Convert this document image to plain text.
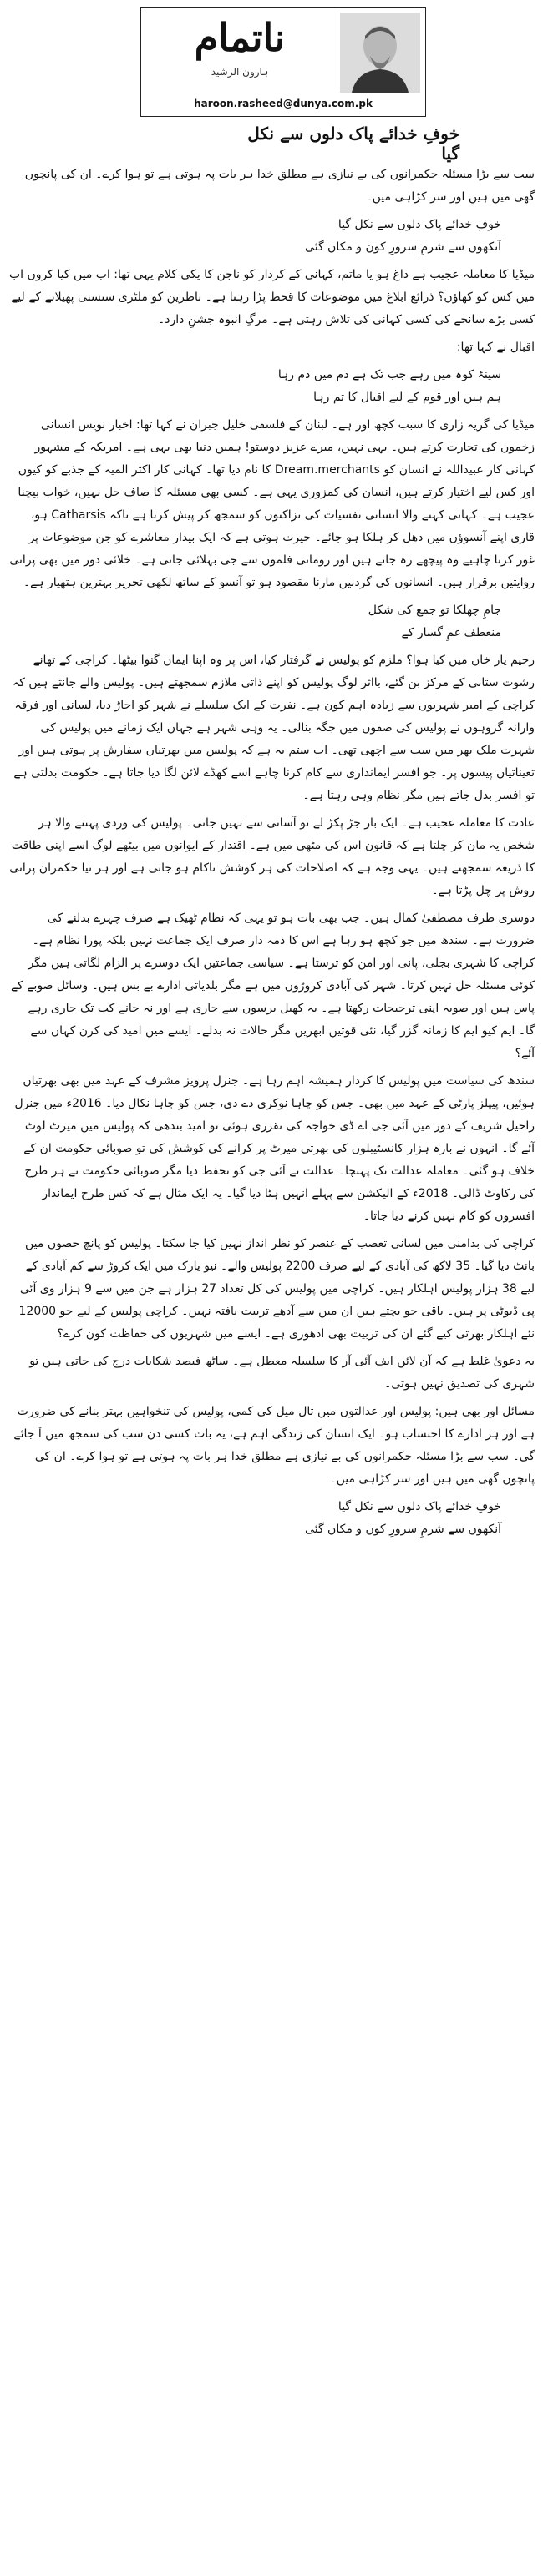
ناتمام
ہارون الرشید
haroon.rasheed@dunya.com.pk
خوفِ خدائے پاک دلوں سے نکل گیا

سب سے بڑا مسئلہ حکمرانوں کی بے نیازی ہے مطلق خدا ہر بات پہ ہوتی ہے تو ہوا کرے۔ ان کی پانچوں گھی میں ہیں اور سر کڑاہی میں۔

خوفِ خدائے پاک دلوں سے نکل گیا
آنکھوں سے شرمِ سرورِ کون و مکاں گئی

میڈیا کا معاملہ عجیب ہے داغ ہو یا ماتم، کہانی کے کردار کو ناجن کا یکی کلام یہی تھا: اب میں کیا کروں اب میں کس کو کھاؤں؟ ذرائع ابلاغ میں موضوعات کا قحط پڑا رہتا ہے۔ ناظرین کو ملٹری سنسنی پھیلانے کے لیے کسی بڑے سانحے کی کسی کہانی کی تلاش رہتی ہے۔ مرگِ انبوہ جشنِ دارد۔

اقبال نے کہا تھا:

سینۂ کوہ میں رہے جب تک ہے دم میں دم رہا
ہم ہیں اور قوم کے لیے اقبال کا تم رہا

میڈیا کی گریہ زاری کا سبب کچھ اور ہے۔ لبنان کے فلسفی خلیل جبران نے کہا تھا: اخبار نویس انسانی زخموں کی تجارت کرتے ہیں۔ یہی نہیں، میرے عزیز دوستو! ہمیں دنیا بھی یہی ہے۔ امریکہ کے مشہور کہانی کار عبیداللہ نے انسان کو Dream.merchants کا نام دیا تھا۔ کہانی کار اکثر المیہ کے جذبے کو کیوں اور کس لیے اختیار کرتے ہیں، انسان کی کمزوری یہی ہے۔ کسی بھی مسئلہ کا صاف حل نہیں، خواب بیچنا عجیب ہے۔ کہانی کہنے والا انسانی نفسیات کی نزاکتوں کو سمجھ کر پیش کرتا ہے تاکہ Catharsis ہو، قاری اپنے آنسوؤں میں دھل کر ہلکا ہو جائے۔ حیرت ہوتی ہے کہ ایک بیدار معاشرے کو جن موضوعات پر غور کرنا چاہیے وہ پیچھے رہ جاتے ہیں اور رومانی فلموں سے جی بہلائی جاتی ہے۔ خلائی دور میں بھی پرانی روایتیں برقرار ہیں۔ انسانوں کی گردنیں مارنا مقصود ہو تو آنسو کے ساتھ لکھی تحریر بہترین ہتھیار ہے۔

جامِ چھلکا تو جمع کی شکل
منعطف غمِ گسار کے

رحیم یار خان میں کیا ہوا؟ ملزم کو پولیس نے گرفتار کیا، اس پر وہ اپنا ایمان گنوا بیٹھا۔ کراچی کے تھانے رشوت ستانی کے مرکز بن گئے، بااثر لوگ پولیس کو اپنے ذاتی ملازم سمجھتے ہیں۔ پولیس والے جانتے ہیں کہ کراچی کے امیر شہریوں سے زیادہ اہم کون ہے۔ نفرت کے ایک سلسلے نے شہر کو اجاڑ دیا، لسانی اور فرقہ وارانہ گروہوں نے پولیس کی صفوں میں جگہ بنالی۔ یہ وہی شہر ہے جہاں ایک زمانے میں پولیس کی شہرت ملک بھر میں سب سے اچھی تھی۔ اب ستم یہ ہے کہ پولیس میں بھرتیاں سفارش پر ہوتی ہیں اور تعیناتیاں پیسوں پر۔ جو افسر ایمانداری سے کام کرنا چاہے اسے کھڈے لائن لگا دیا جاتا ہے۔ حکومت بدلتی ہے تو افسر بدل جاتے ہیں مگر نظام وہی رہتا ہے۔

عادت کا معاملہ عجیب ہے۔ ایک بار جڑ پکڑ لے تو آسانی سے نہیں جاتی۔ پولیس کی وردی پہننے والا ہر شخص یہ مان کر چلتا ہے کہ قانون اس کی مٹھی میں ہے۔ اقتدار کے ایوانوں میں بیٹھے لوگ اسے اپنی طاقت کا ذریعہ سمجھتے ہیں۔ یہی وجہ ہے کہ اصلاحات کی ہر کوشش ناکام ہو جاتی ہے اور ہر نیا حکمران پرانی روش پر چل پڑتا ہے۔

دوسری طرف مصطفیٰ کمال ہیں۔ جب بھی بات ہو تو یہی کہ نظام ٹھیک ہے صرف چہرے بدلنے کی ضرورت ہے۔ سندھ میں جو کچھ ہو رہا ہے اس کا ذمہ دار صرف ایک جماعت نہیں بلکہ پورا نظام ہے۔ کراچی کا شہری بجلی، پانی اور امن کو ترستا ہے۔ سیاسی جماعتیں ایک دوسرے پر الزام لگاتی ہیں مگر کوئی مسئلہ حل نہیں کرتا۔ شہر کی آبادی کروڑوں میں ہے مگر بلدیاتی ادارے بے بس ہیں۔ وسائل صوبے کے پاس ہیں اور صوبہ اپنی ترجیحات رکھتا ہے۔ یہ کھیل برسوں سے جاری ہے اور نہ جانے کب تک جاری رہے گا۔ ایم کیو ایم کا زمانہ گزر گیا، نئی قوتیں ابھریں مگر حالات نہ بدلے۔ ایسے میں امید کی کرن کہاں سے آئے؟

سندھ کی سیاست میں پولیس کا کردار ہمیشہ اہم رہا ہے۔ جنرل پرویز مشرف کے عہد میں بھی بھرتیاں ہوئیں، پیپلز پارٹی کے عہد میں بھی۔ جس کو چاہا نوکری دے دی، جس کو چاہا نکال دیا۔ 2016ء میں جنرل راحیل شریف کے دور میں آئی جی اے ڈی خواجہ کی تقرری ہوئی تو امید بندھی کہ پولیس میں میرٹ لوٹ آئے گا۔ انہوں نے بارہ ہزار کانسٹیبلوں کی بھرتی میرٹ پر کرانے کی کوشش کی تو صوبائی حکومت ان کے خلاف ہو گئی۔ معاملہ عدالت تک پہنچا۔ عدالت نے آئی جی کو تحفظ دیا مگر صوبائی حکومت نے ہر طرح کی رکاوٹ ڈالی۔ 2018ء کے الیکشن سے پہلے انہیں ہٹا دیا گیا۔ یہ ایک مثال ہے کہ کس طرح ایماندار افسروں کو کام نہیں کرنے دیا جاتا۔

کراچی کی بدامنی میں لسانی تعصب کے عنصر کو نظر انداز نہیں کیا جا سکتا۔ پولیس کو پانچ حصوں میں بانٹ دیا گیا۔ 35 لاکھ کی آبادی کے لیے صرف 2200 پولیس والے۔ نیو یارک میں ایک کروڑ سے کم آبادی کے لیے 38 ہزار پولیس اہلکار ہیں۔ کراچی میں پولیس کی کل تعداد 27 ہزار ہے جن میں سے 9 ہزار وی آئی پی ڈیوٹی پر ہیں۔ باقی جو بچتے ہیں ان میں سے آدھے تربیت یافتہ نہیں۔ کراچی پولیس کے لیے جو 12000 نئے اہلکار بھرتی کیے گئے ان کی تربیت بھی ادھوری ہے۔ ایسے میں شہریوں کی حفاظت کون کرے؟

یہ دعویٰ غلط ہے کہ آن لائن ایف آئی آر کا سلسلہ معطل ہے۔ ساٹھ فیصد شکایات درج کی جاتی ہیں تو شہری کی تصدیق نہیں ہوتی۔

مسائل اور بھی ہیں: پولیس اور عدالتوں میں تال میل کی کمی، پولیس کی تنخواہیں بہتر بنانے کی ضرورت ہے اور ہر ادارے کا احتساب ہو۔ ایک انسان کی زندگی اہم ہے، یہ بات کسی دن سب کی سمجھ میں آ جائے گی۔ سب سے بڑا مسئلہ حکمرانوں کی بے نیازی ہے مطلق خدا ہر بات پہ ہوتی ہے تو ہوا کرے۔ ان کی پانچوں گھی میں ہیں اور سر کڑاہی میں۔

خوفِ خدائے پاک دلوں سے نکل گیا
آنکھوں سے شرمِ سرورِ کون و مکاں گئی
